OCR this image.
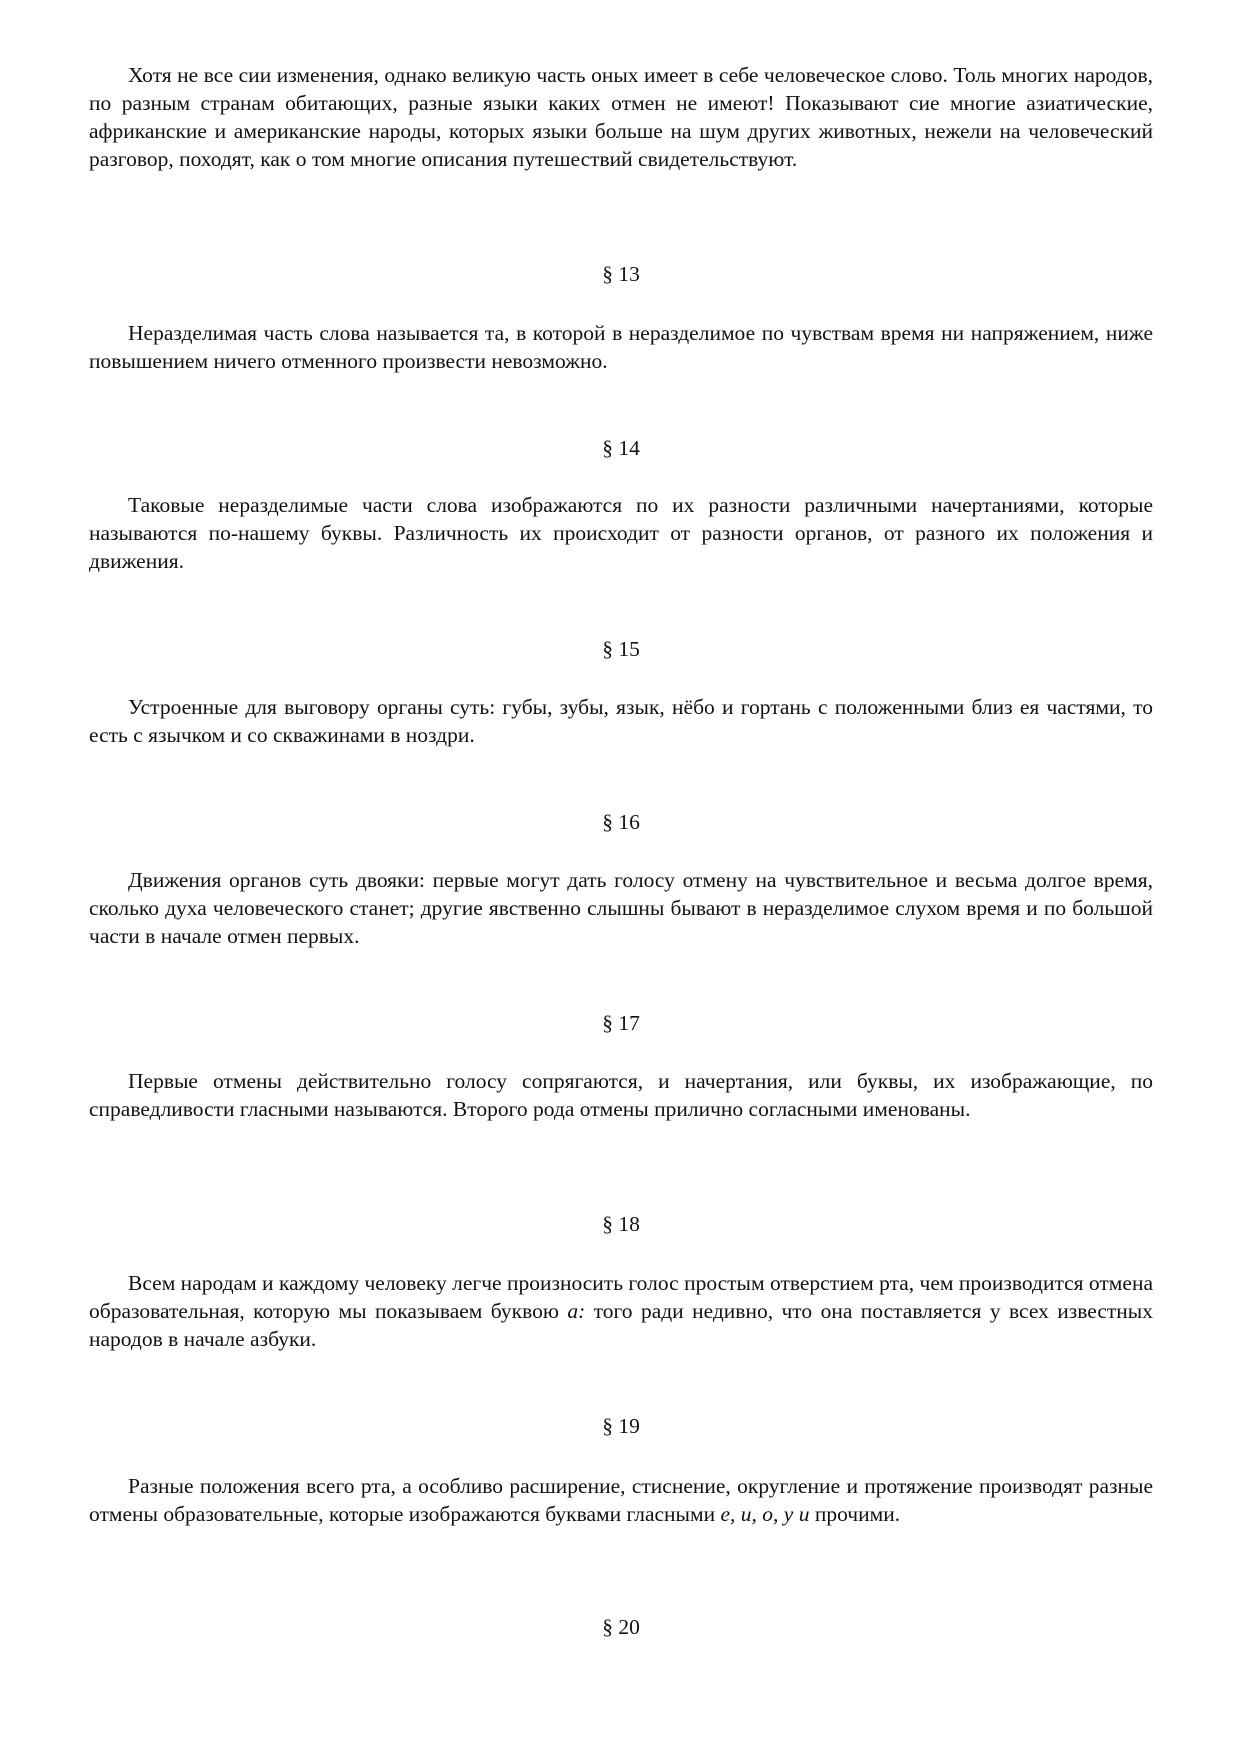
Хотя не все сии изменения, однако великую часть оных имеет в себе человеческое слово. Толь многих народов, по разным странам обитающих, разные языки каких отмен не имеют! Показывают сие многие азиатические, африканские и американские народы, которых языки больше на шум других животных, нежели на человеческий разговор, походят, как о том многие описания путешествий свидетельствуют.
§ 13
Неразделимая часть слова называется та, в которой в неразделимое по чувствам время ни напряжением, ниже повышением ничего отменного произвести невозможно.
§ 14
Таковые неразделимые части слова изображаются по их разности различными начертаниями, которые называются по-нашему буквы. Различность их происходит от разности органов, от разного их положения и движения.
§ 15
Устроенные для выговору органы суть: губы, зубы, язык, нёбо и гортань с положенными близ ея частями, то есть с язычком и со скважинами в ноздри.
§ 16
Движения органов суть двояки: первые могут дать голосу отмену на чувствительное и весьма долгое время, сколько духа человеческого станет; другие явственно слышны бывают в неразделимое слухом время и по большой части в начале отмен первых.
§ 17
Первые отмены действительно голосу сопрягаются, и начертания, или буквы, их изображающие, по справедливости гласными называются. Второго рода отмены прилично согласными именованы.
§ 18
Всем народам и каждому человеку легче произносить голос простым отверстием рта, чем производится отмена образовательная, которую мы показываем буквою а: того ради недивно, что она поставляется у всех известных народов в начале азбуки.
§ 19
Разные положения всего рта, а особливо расширение, стиснение, округление и протяжение производят разные отмены образовательные, которые изображаются буквами гласными е, и, о, у и прочими.
§ 20
